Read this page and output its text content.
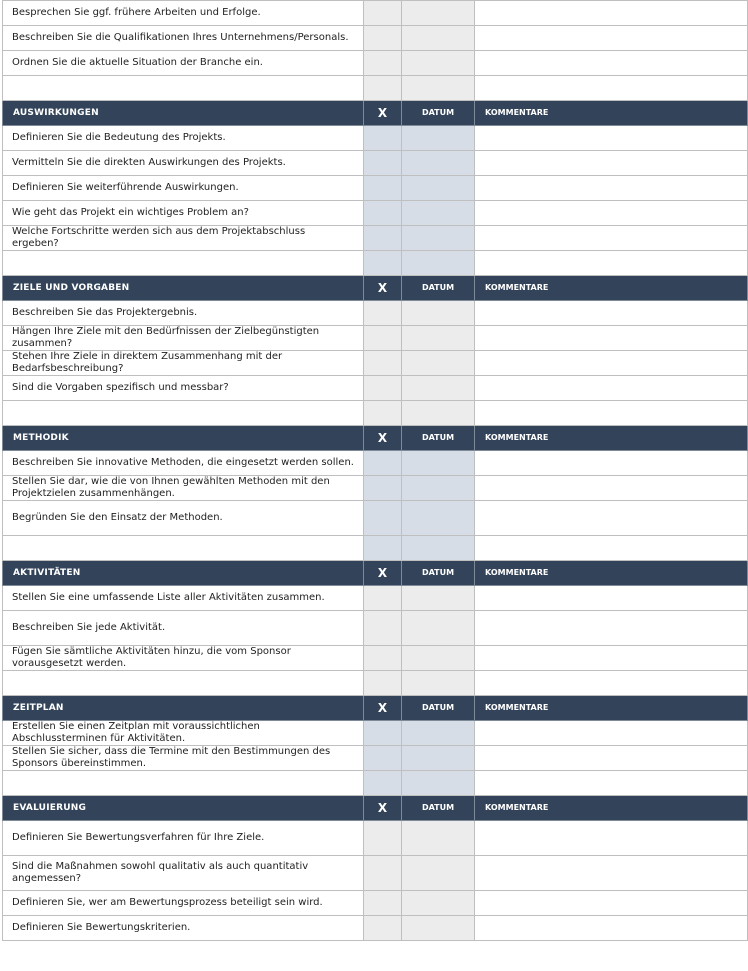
Besprechen Sie ggf. frühere Arbeiten und Erfolge.			
Beschreiben Sie die Qualifikationen Ihres Unternehmens/Personals.			
Ordnen Sie die aktuelle Situation der Branche ein.			

AUSWIRKUNGEN	X	DATUM	KOMMENTARE
Definieren Sie die Bedeutung des Projekts.			
Vermitteln Sie die direkten Auswirkungen des Projekts.			
Definieren Sie weiterführende Auswirkungen.			
Wie geht das Projekt ein wichtiges Problem an?			
Welche Fortschritte werden sich aus dem Projektabschluss ergeben?			

ZIELE UND VORGABEN	X	DATUM	KOMMENTARE
Beschreiben Sie das Projektergebnis.			
Hängen Ihre Ziele mit den Bedürfnissen der Zielbegünstigten zusammen?			
Stehen Ihre Ziele in direktem Zusammenhang mit der Bedarfsbeschreibung?			
Sind die Vorgaben spezifisch und messbar?			

METHODIK	X	DATUM	KOMMENTARE
Beschreiben Sie innovative Methoden, die eingesetzt werden sollen.			
Stellen Sie dar, wie die von Ihnen gewählten Methoden mit den Projektzielen zusammenhängen.			
Begründen Sie den Einsatz der Methoden.			

AKTIVITÄTEN	X	DATUM	KOMMENTARE
Stellen Sie eine umfassende Liste aller Aktivitäten zusammen.			
Beschreiben Sie jede Aktivität.			
Fügen Sie sämtliche Aktivitäten hinzu, die vom Sponsor vorausgesetzt werden.			

ZEITPLAN	X	DATUM	KOMMENTARE
Erstellen Sie einen Zeitplan mit voraussichtlichen Abschlussterminen für Aktivitäten.			
Stellen Sie sicher, dass die Termine mit den Bestimmungen des Sponsors übereinstimmen.			

EVALUIERUNG	X	DATUM	KOMMENTARE
Definieren Sie Bewertungsverfahren für Ihre Ziele.			
Sind die Maßnahmen sowohl qualitativ als auch quantitativ angemessen?			
Definieren Sie, wer am Bewertungsprozess beteiligt sein wird.			
Definieren Sie Bewertungskriterien.			
